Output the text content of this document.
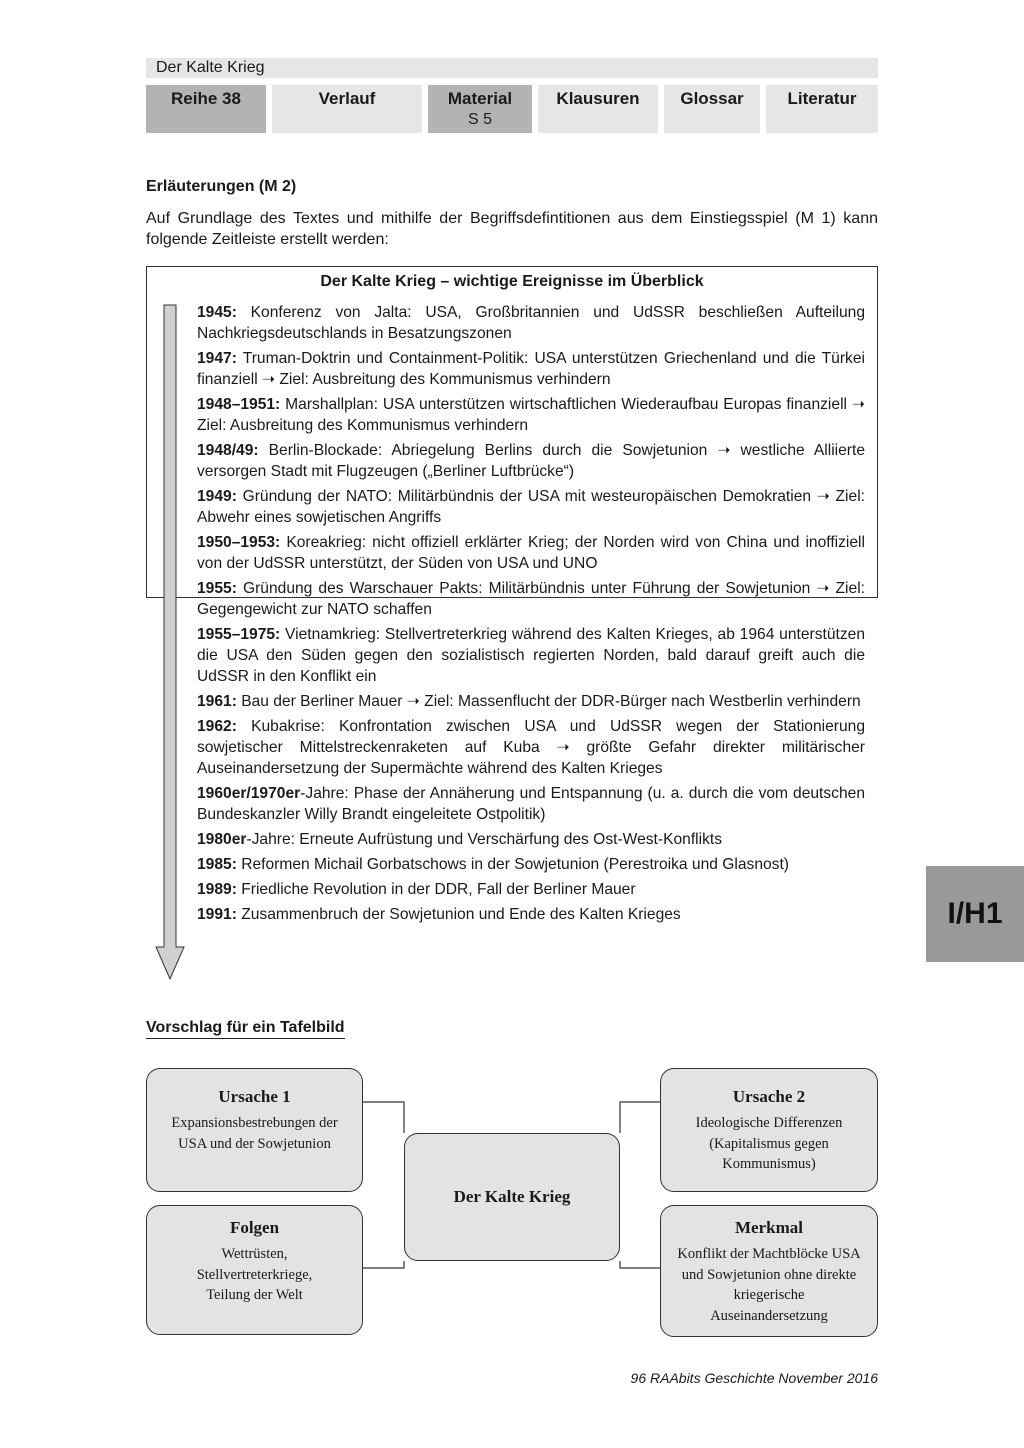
Der Kalte Krieg
Reihe 38	Verlauf	Material
S 5
Klausuren	Glossar	Literatur
Erläuterungen (M 2)
Auf Grundlage des Textes und mithilfe der Begriffsdefintitionen aus dem Einstiegsspiel (M 1) kann folgende Zeitleiste erstellt werden:
Der Kalte Krieg – wichtige Ereignisse im Überblick
1945: Konferenz von Jalta: USA, Großbritannien und UdSSR beschließen Aufteilung Nachkriegsdeutschlands in Besatzungszonen
1947: Truman-Doktrin und Containment-Politik: USA unterstützen Griechenland und die Türkei finanziell ➝ Ziel: Ausbreitung des Kommunismus verhindern
1948–1951: Marshallplan: USA unterstützen wirtschaftlichen Wiederaufbau Europas finanziell ➝ Ziel: Ausbreitung des Kommunismus verhindern
1948/49: Berlin-Blockade: Abriegelung Berlins durch die Sowjetunion ➝ westliche Alliierte versorgen Stadt mit Flugzeugen („Berliner Luftbrücke“)
1949: Gründung der NATO: Militärbündnis der USA mit westeuropäischen Demokratien ➝ Ziel: Abwehr eines sowjetischen Angriffs
1950–1953: Koreakrieg: nicht offiziell erklärter Krieg; der Norden wird von China und inoffiziell von der UdSSR unterstützt, der Süden von USA und UNO
1955: Gründung des Warschauer Pakts: Militärbündnis unter Führung der Sowjetunion ➝ Ziel: Gegengewicht zur NATO schaffen
1955–1975: Vietnamkrieg: Stellvertreterkrieg während des Kalten Krieges, ab 1964 unterstützen die USA den Süden gegen den sozialistisch regierten Norden, bald darauf greift auch die UdSSR in den Konflikt ein
1961: Bau der Berliner Mauer ➝ Ziel: Massenflucht der DDR-Bürger nach Westberlin verhindern
1962: Kubakrise: Konfrontation zwischen USA und UdSSR wegen der Stationierung sowjetischer Mittelstreckenraketen auf Kuba ➝ größte Gefahr direkter militärischer Auseinandersetzung der Supermächte während des Kalten Krieges
1960er/1970er-Jahre: Phase der Annäherung und Entspannung (u. a. durch die vom deutschen Bundeskanzler Willy Brandt eingeleitete Ostpolitik)
1980er-Jahre: Erneute Aufrüstung und Verschärfung des Ost-West-Konflikts
1985: Reformen Michail Gorbatschows in der Sowjetunion (Perestroika und Glasnost)
1989: Friedliche Revolution in der DDR, Fall der Berliner Mauer
1991: Zusammenbruch der Sowjetunion und Ende des Kalten Krieges	I/H1
Vorschlag für ein Tafelbild
Ursache 1
Expansionsbestrebungen der USA und der Sowjetunion
Ursache 2
Ideologische Differenzen (Kapitalismus gegen Kommunismus)
Der Kalte Krieg
Folgen
Wettrüsten, Stellvertreterkriege, Teilung der Welt
Merkmal
Konflikt der Machtblöcke USA und Sowjetunion ohne direkte kriegerische Auseinandersetzung
96 RAAbits Geschichte November 2016
